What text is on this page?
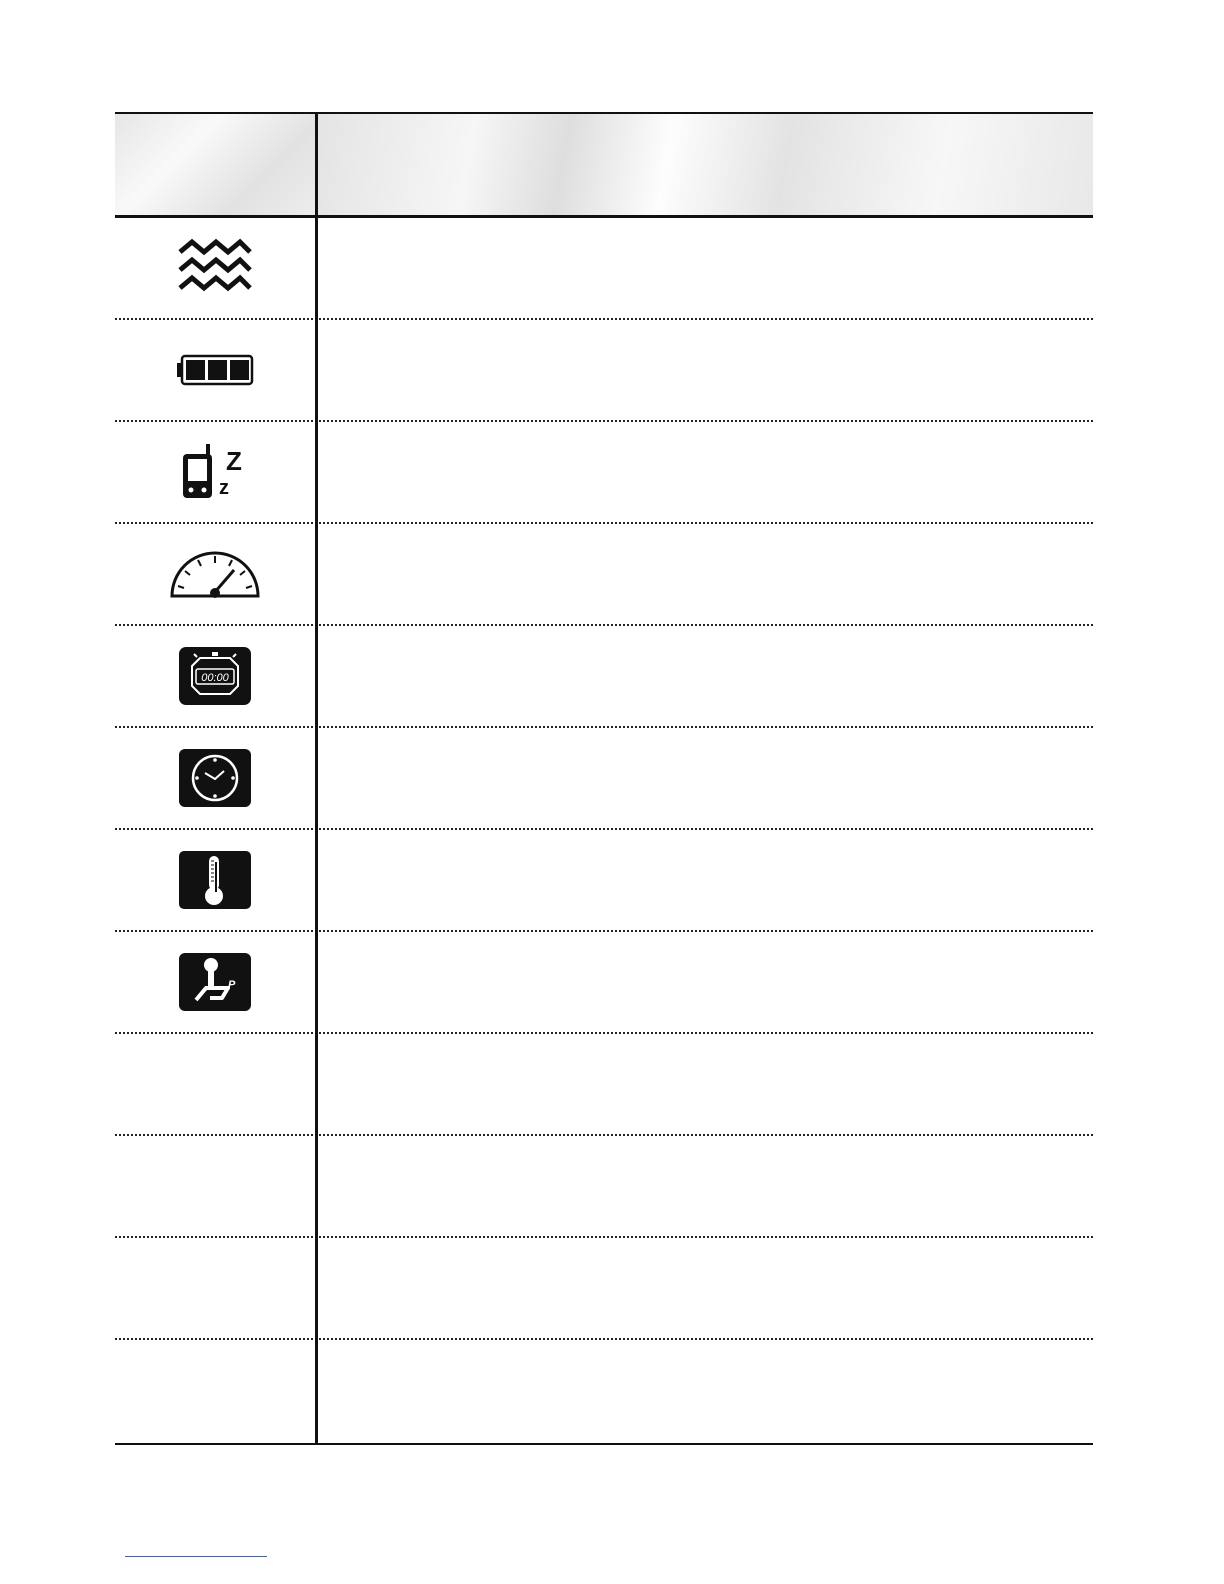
Z
z
00:00
P
